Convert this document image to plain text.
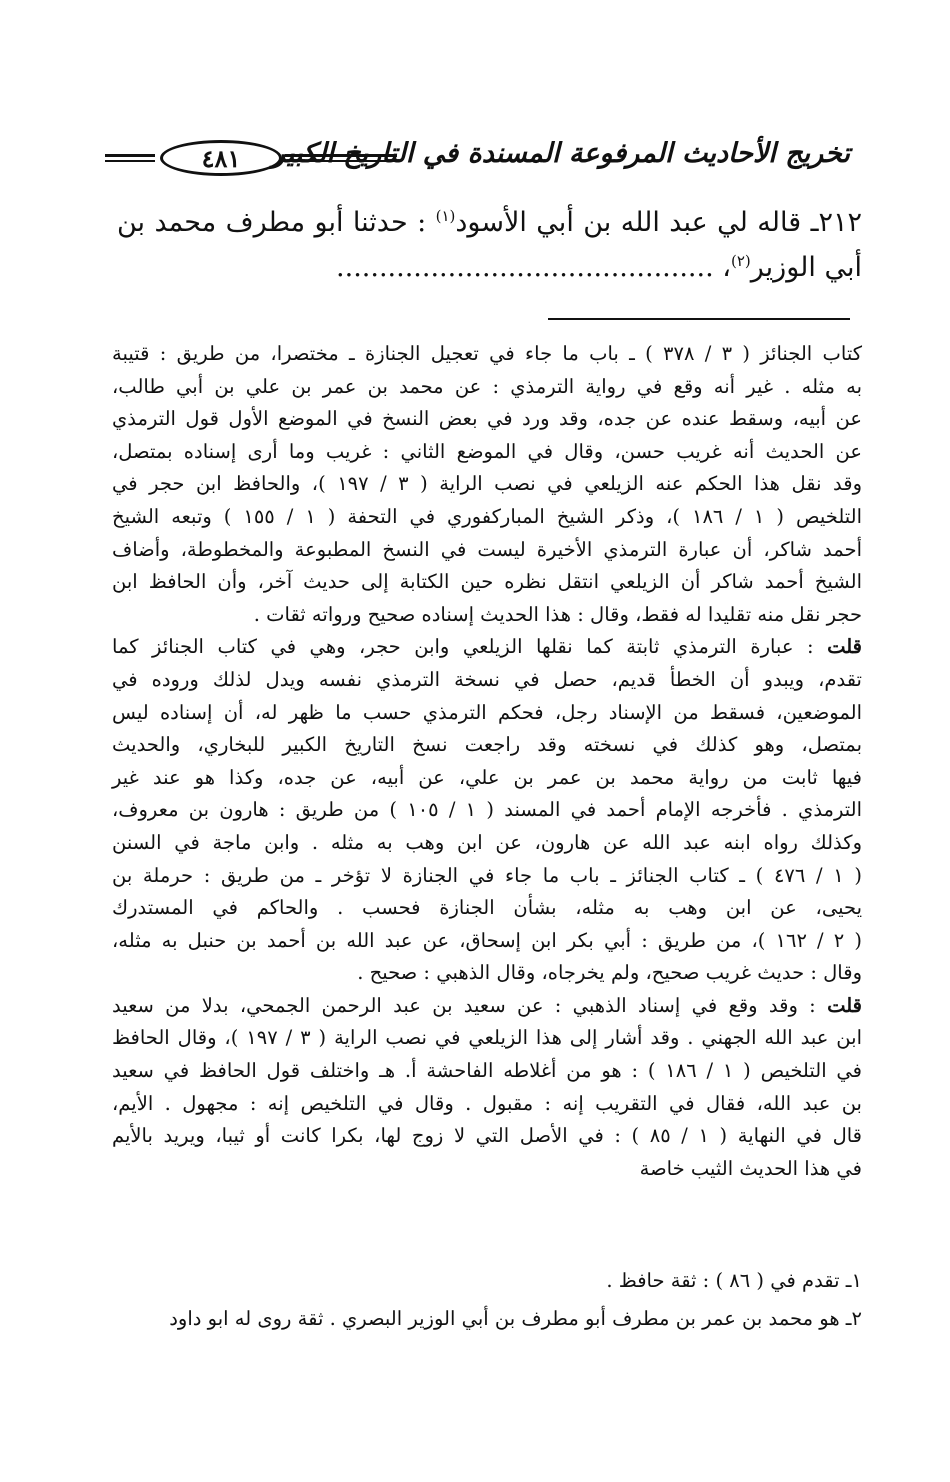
تخريج الأحاديث المرفوعة المسندة في التاريخ الكبير
٤٨١
٢١٢ـ قاله لي عبد الله بن أبي الأسود$^{(١)}$ : حدثنا أبو مطرف محمد بن
أبي الوزير$^{(٢)}$، ............................................
كتاب الجنائز ( ٣ / ٣٧٨ ) ـ باب ما جاء في تعجيل الجنازة ـ مختصرا، من طريق : قتيبة
به مثله . غير أنه وقع في رواية الترمذي : عن محمد بن عمر بن علي بن أبي طالب،
عن أبيه، وسقط عنده عن جده، وقد ورد في بعض النسخ في الموضع الأول قول الترمذي
عن الحديث أنه غريب حسن، وقال في الموضع الثاني : غريب وما أرى إسناده بمتصل،
وقد نقل هذا الحكم عنه الزيلعي في نصب الراية ( ٣ / ١٩٧ )، والحافظ ابن حجر في
التلخيص ( ١ / ١٨٦ )، وذكر الشيخ المباركفوري في التحفة ( ١ / ١٥٥ ) وتبعه الشيخ
أحمد شاكر، أن عبارة الترمذي الأخيرة ليست في النسخ المطبوعة والمخطوطة، وأضاف
الشيخ أحمد شاكر أن الزيلعي انتقل نظره حين الكتابة إلى حديث آخر، وأن الحافظ ابن
حجر نقل منه تقليدا له فقط، وقال : هذا الحديث إسناده صحيح ورواته ثقات .
قلت : عبارة الترمذي ثابتة كما نقلها الزيلعي وابن حجر، وهي في كتاب الجنائز كما
تقدم، ويبدو أن الخطأ قديم، حصل في نسخة الترمذي نفسه ويدل لذلك وروده في
الموضعين، فسقط من الإسناد رجل، فحكم الترمذي حسب ما ظهر له، أن إسناده ليس
بمتصل، وهو كذلك في نسخته وقد راجعت نسخ التاريخ الكبير للبخاري، والحديث
فيها ثابت من رواية محمد بن عمر بن علي، عن أبيه، عن جده، وكذا هو عند غير
الترمذي . فأخرجه الإمام أحمد في المسند ( ١ / ١٠٥ ) من طريق : هارون بن معروف،
وكذلك رواه ابنه عبد الله عن هارون، عن ابن وهب به مثله . وابن ماجة في السنن
( ١ / ٤٧٦ ) ـ كتاب الجنائز ـ باب ما جاء في الجنازة لا تؤخر ـ من طريق : حرملة بن
يحيى، عن ابن وهب به مثله، بشأن الجنازة فحسب . والحاكم في المستدرك
( ٢ / ١٦٢ )، من طريق : أبي بكر ابن إسحاق، عن عبد الله بن أحمد بن حنبل به مثله،
وقال : حديث غريب صحيح، ولم يخرجاه، وقال الذهبي : صحيح .
قلت : وقد وقع في إسناد الذهبي : عن سعيد بن عبد الرحمن الجمحي، بدلا من سعيد
ابن عبد الله الجهني . وقد أشار إلى هذا الزيلعي في نصب الراية ( ٣ / ١٩٧ )، وقال الحافظ
في التلخيص ( ١ / ١٨٦ ) : هو من أغلاطه الفاحشة أ. هـ واختلف قول الحافظ في سعيد
بن عبد الله، فقال في التقريب إنه : مقبول . وقال في التلخيص إنه : مجهول . الأيم،
قال في النهاية ( ١ / ٨٥ ) : في الأصل التي لا زوج لها، بكرا كانت أو ثيبا، ويريد بالأيم
في هذا الحديث الثيب خاصة
١ـ تقدم في ( ٨٦ ) : ثقة حافظ .
٢ـ هو محمد بن عمر بن مطرف أبو مطرف بن أبي الوزير البصري . ثقة روى له ابو داود
